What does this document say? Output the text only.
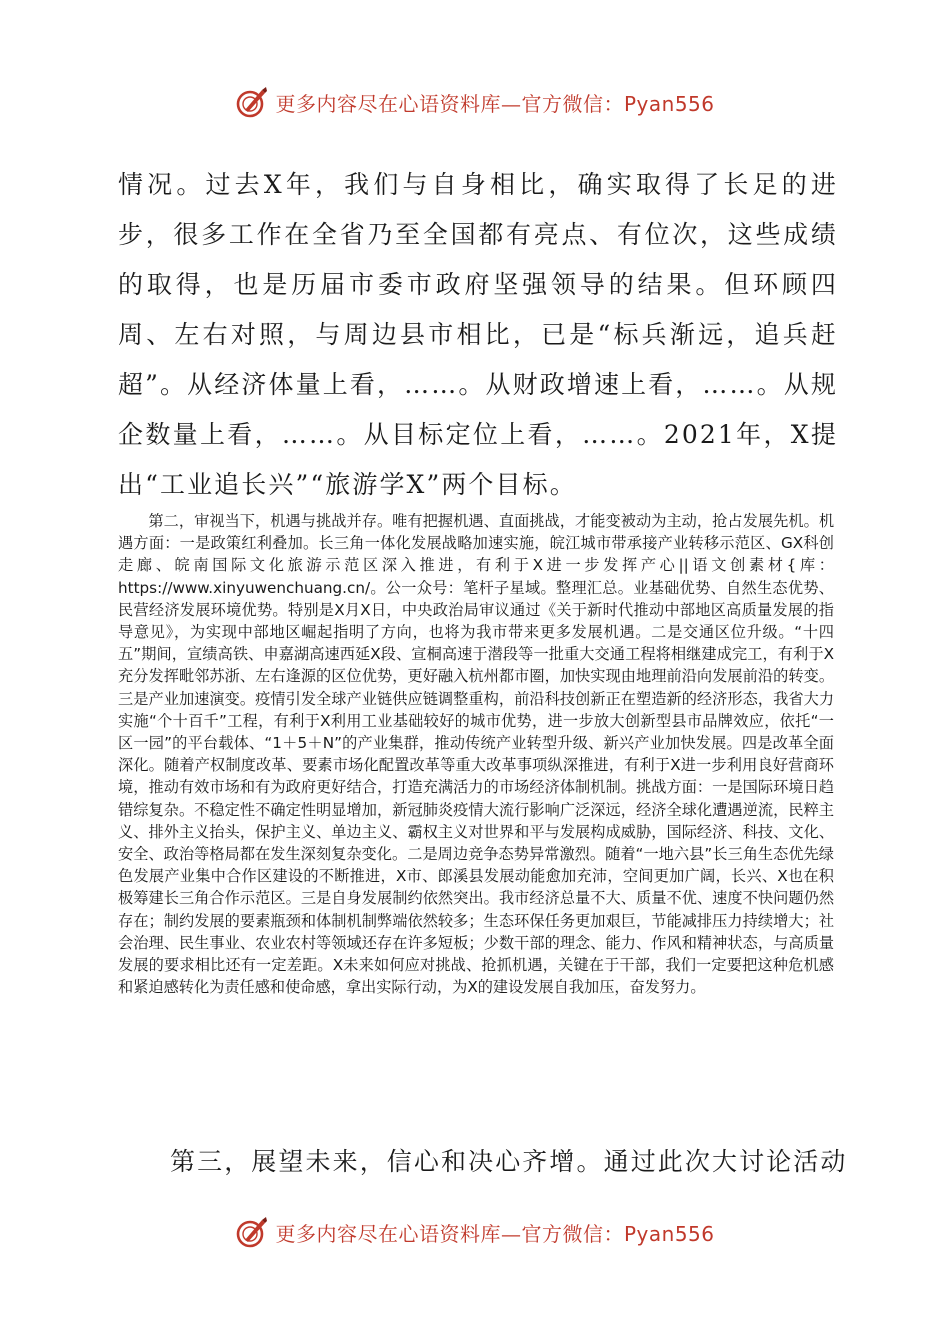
更多内容尽在心语资料库—官方微信：Pyan556

情况。过去X年，我们与自身相比，确实取得了长足的进步，很多工作在全省乃至全国都有亮点、有位次，这些成绩的取得，也是历届市委市政府坚强领导的结果。但环顾四周、左右对照，与周边县市相比，已是“标兵渐远，追兵赶超”。从经济体量上看，……。从财政增速上看，……。从规企数量上看，……。从目标定位上看，……。2021年，X提出“工业追长兴”“旅游学X”两个目标。

第二，审视当下，机遇与挑战并存。唯有把握机遇、直面挑战，才能变被动为主动，抢占发展先机。机遇方面：一是政策红利叠加。长三角一体化发展战略加速实施，皖江城市带承接产业转移示范区、GX科创走廊、皖南国际文化旅游示范区深入推进，有利于X进一步发挥产心||语文创素材{库：https://www.xinyuwenchuang.cn/。公一众号：笔杆子星域。整理汇总。业基础优势、自然生态优势、民营经济发展环境优势。特别是X月X日，中央政治局审议通过《关于新时代推动中部地区高质量发展的指导意见》，为实现中部地区崛起指明了方向，也将为我市带来更多发展机遇。二是交通区位升级。“十四五”期间，宣绩高铁、申嘉湖高速西延X段、宣桐高速于潜段等一批重大交通工程将相继建成完工，有利于X充分发挥毗邻苏浙、左右逢源的区位优势，更好融入杭州都市圈，加快实现由地理前沿向发展前沿的转变。三是产业加速演变。疫情引发全球产业链供应链调整重构，前沿科技创新正在塑造新的经济形态，我省大力实施“个十百千”工程，有利于X利用工业基础较好的城市优势，进一步放大创新型县市品牌效应，依托“一区一园”的平台载体、“1＋5＋N”的产业集群，推动传统产业转型升级、新兴产业加快发展。四是改革全面深化。随着产权制度改革、要素市场化配置改革等重大改革事项纵深推进，有利于X进一步利用良好营商环境，推动有效市场和有为政府更好结合，打造充满活力的市场经济体制机制。挑战方面：一是国际环境日趋错综复杂。不稳定性不确定性明显增加，新冠肺炎疫情大流行影响广泛深远，经济全球化遭遇逆流，民粹主义、排外主义抬头，保护主义、单边主义、霸权主义对世界和平与发展构成威胁，国际经济、科技、文化、安全、政治等格局都在发生深刻复杂变化。二是周边竞争态势异常激烈。随着“一地六县”长三角生态优先绿色发展产业集中合作区建设的不断推进，X市、郎溪县发展动能愈加充沛，空间更加广阔，长兴、X也在积极筹建长三角合作示范区。三是自身发展制约依然突出。我市经济总量不大、质量不优、速度不快问题仍然存在；制约发展的要素瓶颈和体制机制弊端依然较多；生态环保任务更加艰巨，节能减排压力持续增大；社会治理、民生事业、农业农村等领域还存在许多短板；少数干部的理念、能力、作风和精神状态，与高质量发展的要求相比还有一定差距。X未来如何应对挑战、抢抓机遇，关键在于干部，我们一定要把这种危机感和紧迫感转化为责任感和使命感，拿出实际行动，为X的建设发展自我加压，奋发努力。

第三，展望未来，信心和决心齐增。通过此次大讨论活动

更多内容尽在心语资料库—官方微信：Pyan556
